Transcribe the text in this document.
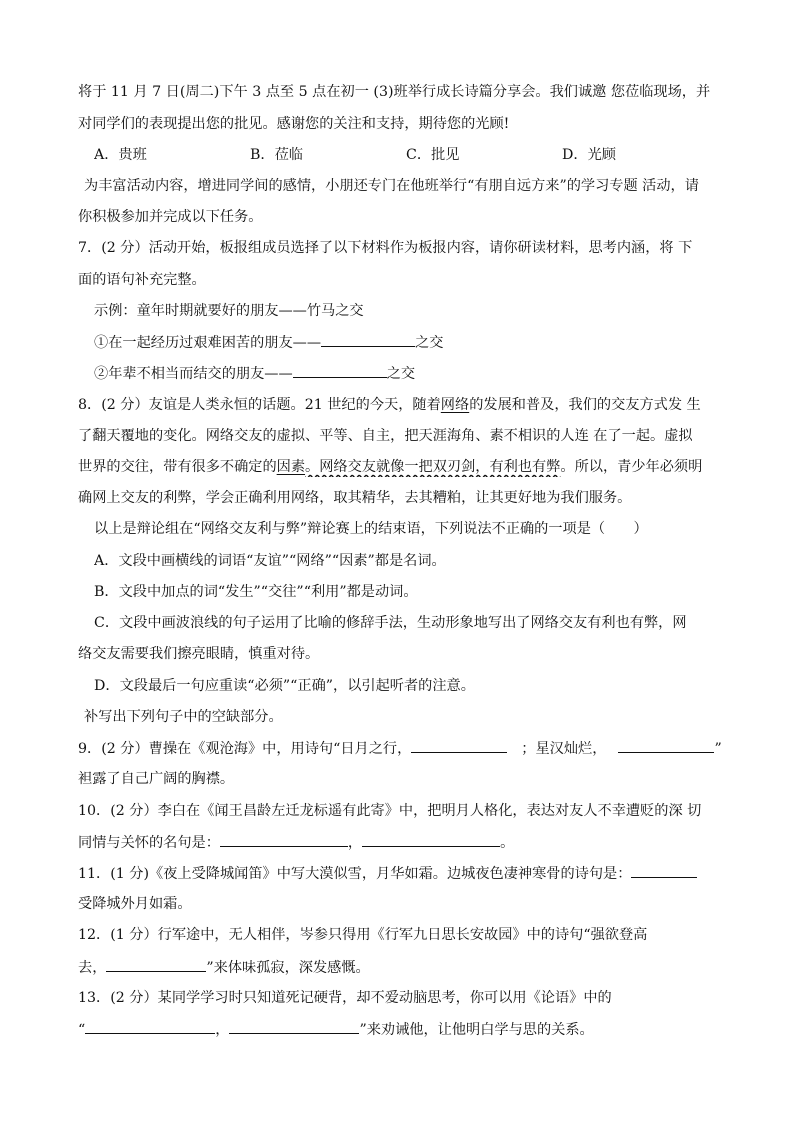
将于 11 月 7 日(周二)下午 3 点至 5 点在初一 (3)班举行成长诗篇分享会。我们诚邀 您莅临现场，并
对同学们的表现提出您的批见。感谢您的关注和支持，期待您的光顾!
A．贵班	B．莅临	C．批见	D．光顾
为丰富活动内容，增进同学间的感情，小朋还专门在他班举行“有朋自远方来”的学习专题 活动，请
你积极参加并完成以下任务。
7．(2 分）活动开始，板报组成员选择了以下材料作为板报内容，请你研读材料，思考内涵，将 下
面的语句补充完整。
示例：童年时期就要好的朋友——竹马之交
①在一起经历过艰难困苦的朋友——	之交
②年辈不相当而结交的朋友——	之交
8．(2 分）友谊是人类永恒的话题。21 世纪的今天，随着网络的发展和普及，我们的交友方式发 生
了翻天覆地的变化。网络交友的虚拟、平等、自主，把天涯海角、素不相识的人连 在了一起。虚拟
世界的交往，带有很多不确定的因素。网络交友就像一把双刃剑，有利也有弊。所以，青少年必须明
确网上交友的利弊，学会正确利用网络，取其精华，去其糟粕，让其更好地为我们服务。
以上是辩论组在“网络交友利与弊”辩论赛上的结束语，下列说法不正确的一项是（　　）
A．文段中画横线的词语“友谊”“网络”“因素”都是名词。
B．文段中加点的词“发生”“交往”“利用”都是动词。
C．文段中画波浪线的句子运用了比喻的修辞手法，生动形象地写出了网络交友有利也有弊，网
络交友需要我们擦亮眼睛，慎重对待。
D．文段最后一句应重读“必须”“正确”，以引起听者的注意。
补写出下列句子中的空缺部分。
9．(2 分）曹操在《观沧海》中，用诗句“日月之行，	；星汉灿烂，	”
袒露了自己广阔的胸襟。
10．(2 分）李白在《闻王昌龄左迁龙标遥有此寄》中，把明月人格化，表达对友人不幸遭贬的深 切
同情与关怀的名句是：	，	。
11．(1 分)《夜上受降城闻笛》中写大漠似雪，月华如霜。边城夜色凄神寒骨的诗句是：
受降城外月如霜。
12．(1 分）行军途中，无人相伴，岑参只得用《行军九日思长安故园》中的诗句“强欲登高
去，	”来体味孤寂，深发感慨。
13．(2 分）某同学学习时只知道死记硬背，却不爱动脑思考，你可以用《论语》中的
“	，	”来劝诫他，让他明白学与思的关系。
